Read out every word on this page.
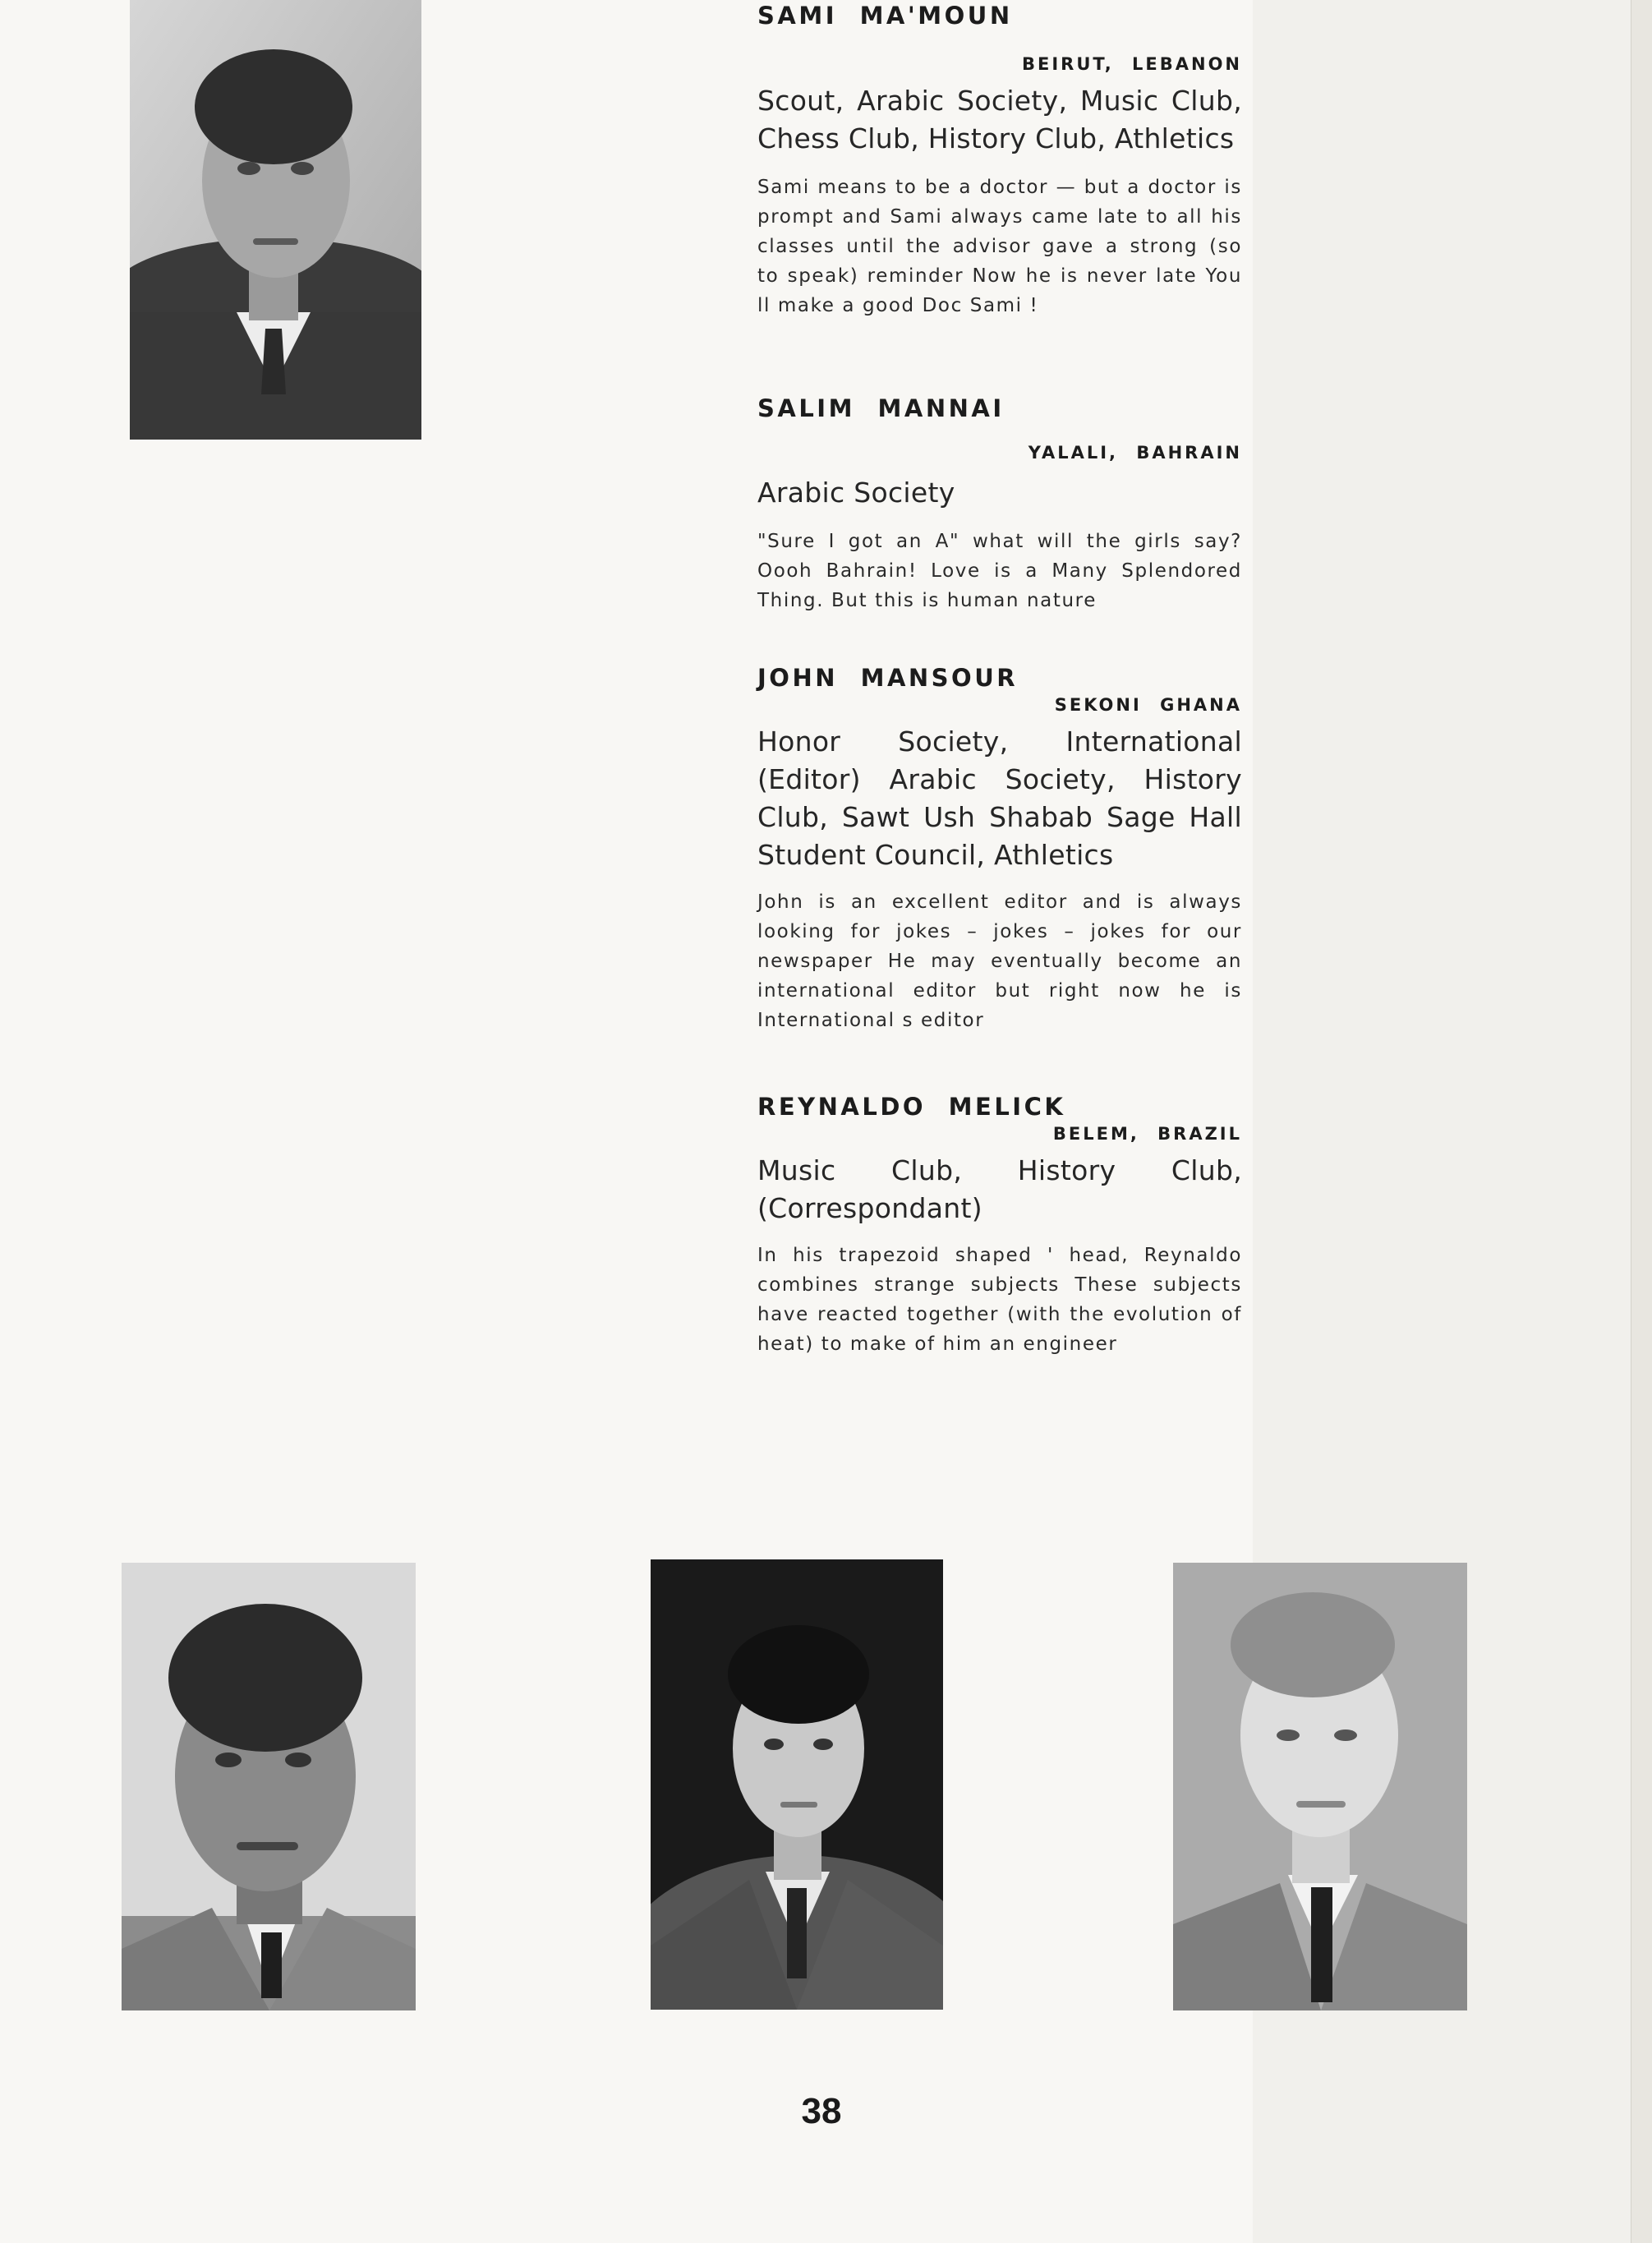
SAMI MA'MOUN
BEIRUT, LEBANON
Scout, Arabic Society, Music Club, Chess Club, History Club, Athletics
Sami means to be a doctor — but a doctor is prompt and Sami always came late to all his classes until the advisor gave a strong (so to speak) reminder Now he is never late You ll make a good Doc Sami !
SALIM MANNAI
YALALI, BAHRAIN
Arabic Society
"Sure I got an A" what will the girls say? Oooh Bahrain! Love is a Many Splendored Thing. But this is human nature
JOHN MANSOUR
SEKONI GHANA
Honor Society, International (Editor) Arabic Society, History Club, Sawt Ush Shabab Sage Hall Student Council, Athletics
John is an excellent editor and is always looking for jokes – jokes – jokes for our newspaper He may eventually become an international editor but right now he is International s editor
REYNALDO MELICK
BELEM, BRAZIL
Music Club, History Club, (Correspondant)
In his trapezoid shaped ' head, Reynaldo combines strange subjects These subjects have reacted together (with the evolution of heat) to make of him an engineer
38
